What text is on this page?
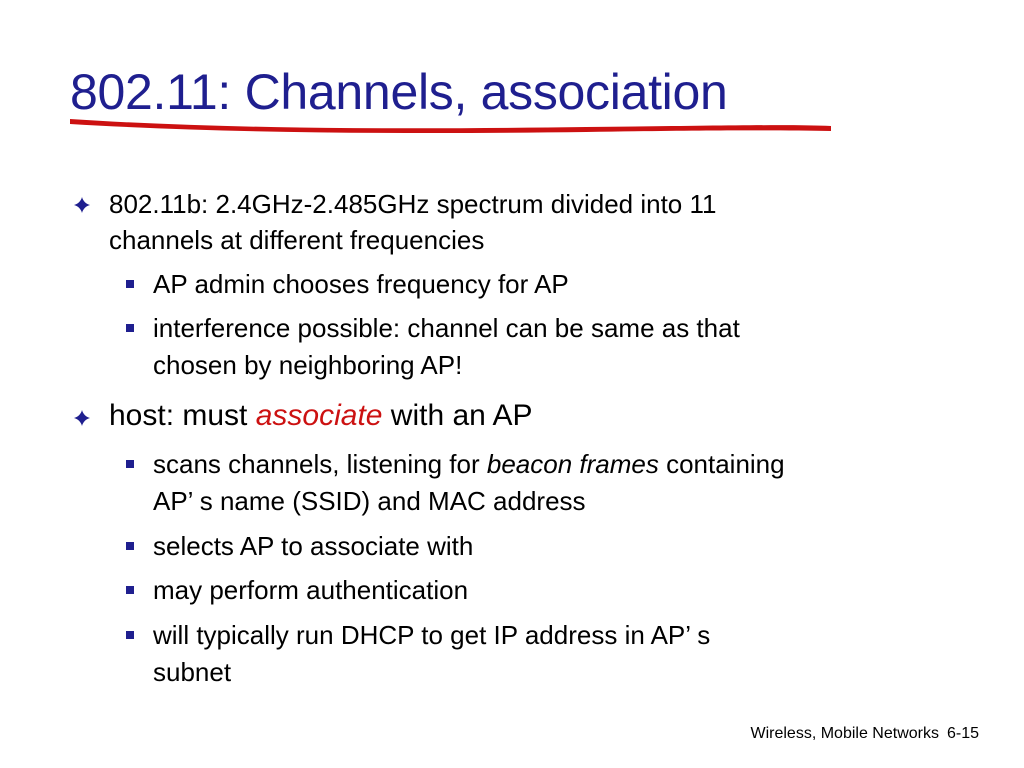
802.11: Channels, association
802.11b: 2.4GHz-2.485GHz spectrum divided into 11
channels at different frequencies
AP admin chooses frequency for AP
interference possible: channel can be same as that
chosen by neighboring AP!
host: must associate with an AP
scans channels, listening for beacon frames containing
AP’ s name (SSID) and MAC address
selects AP to associate with
may perform authentication
will typically run DHCP to get IP address in AP’ s
subnet
Wireless, Mobile Networks 6-15
